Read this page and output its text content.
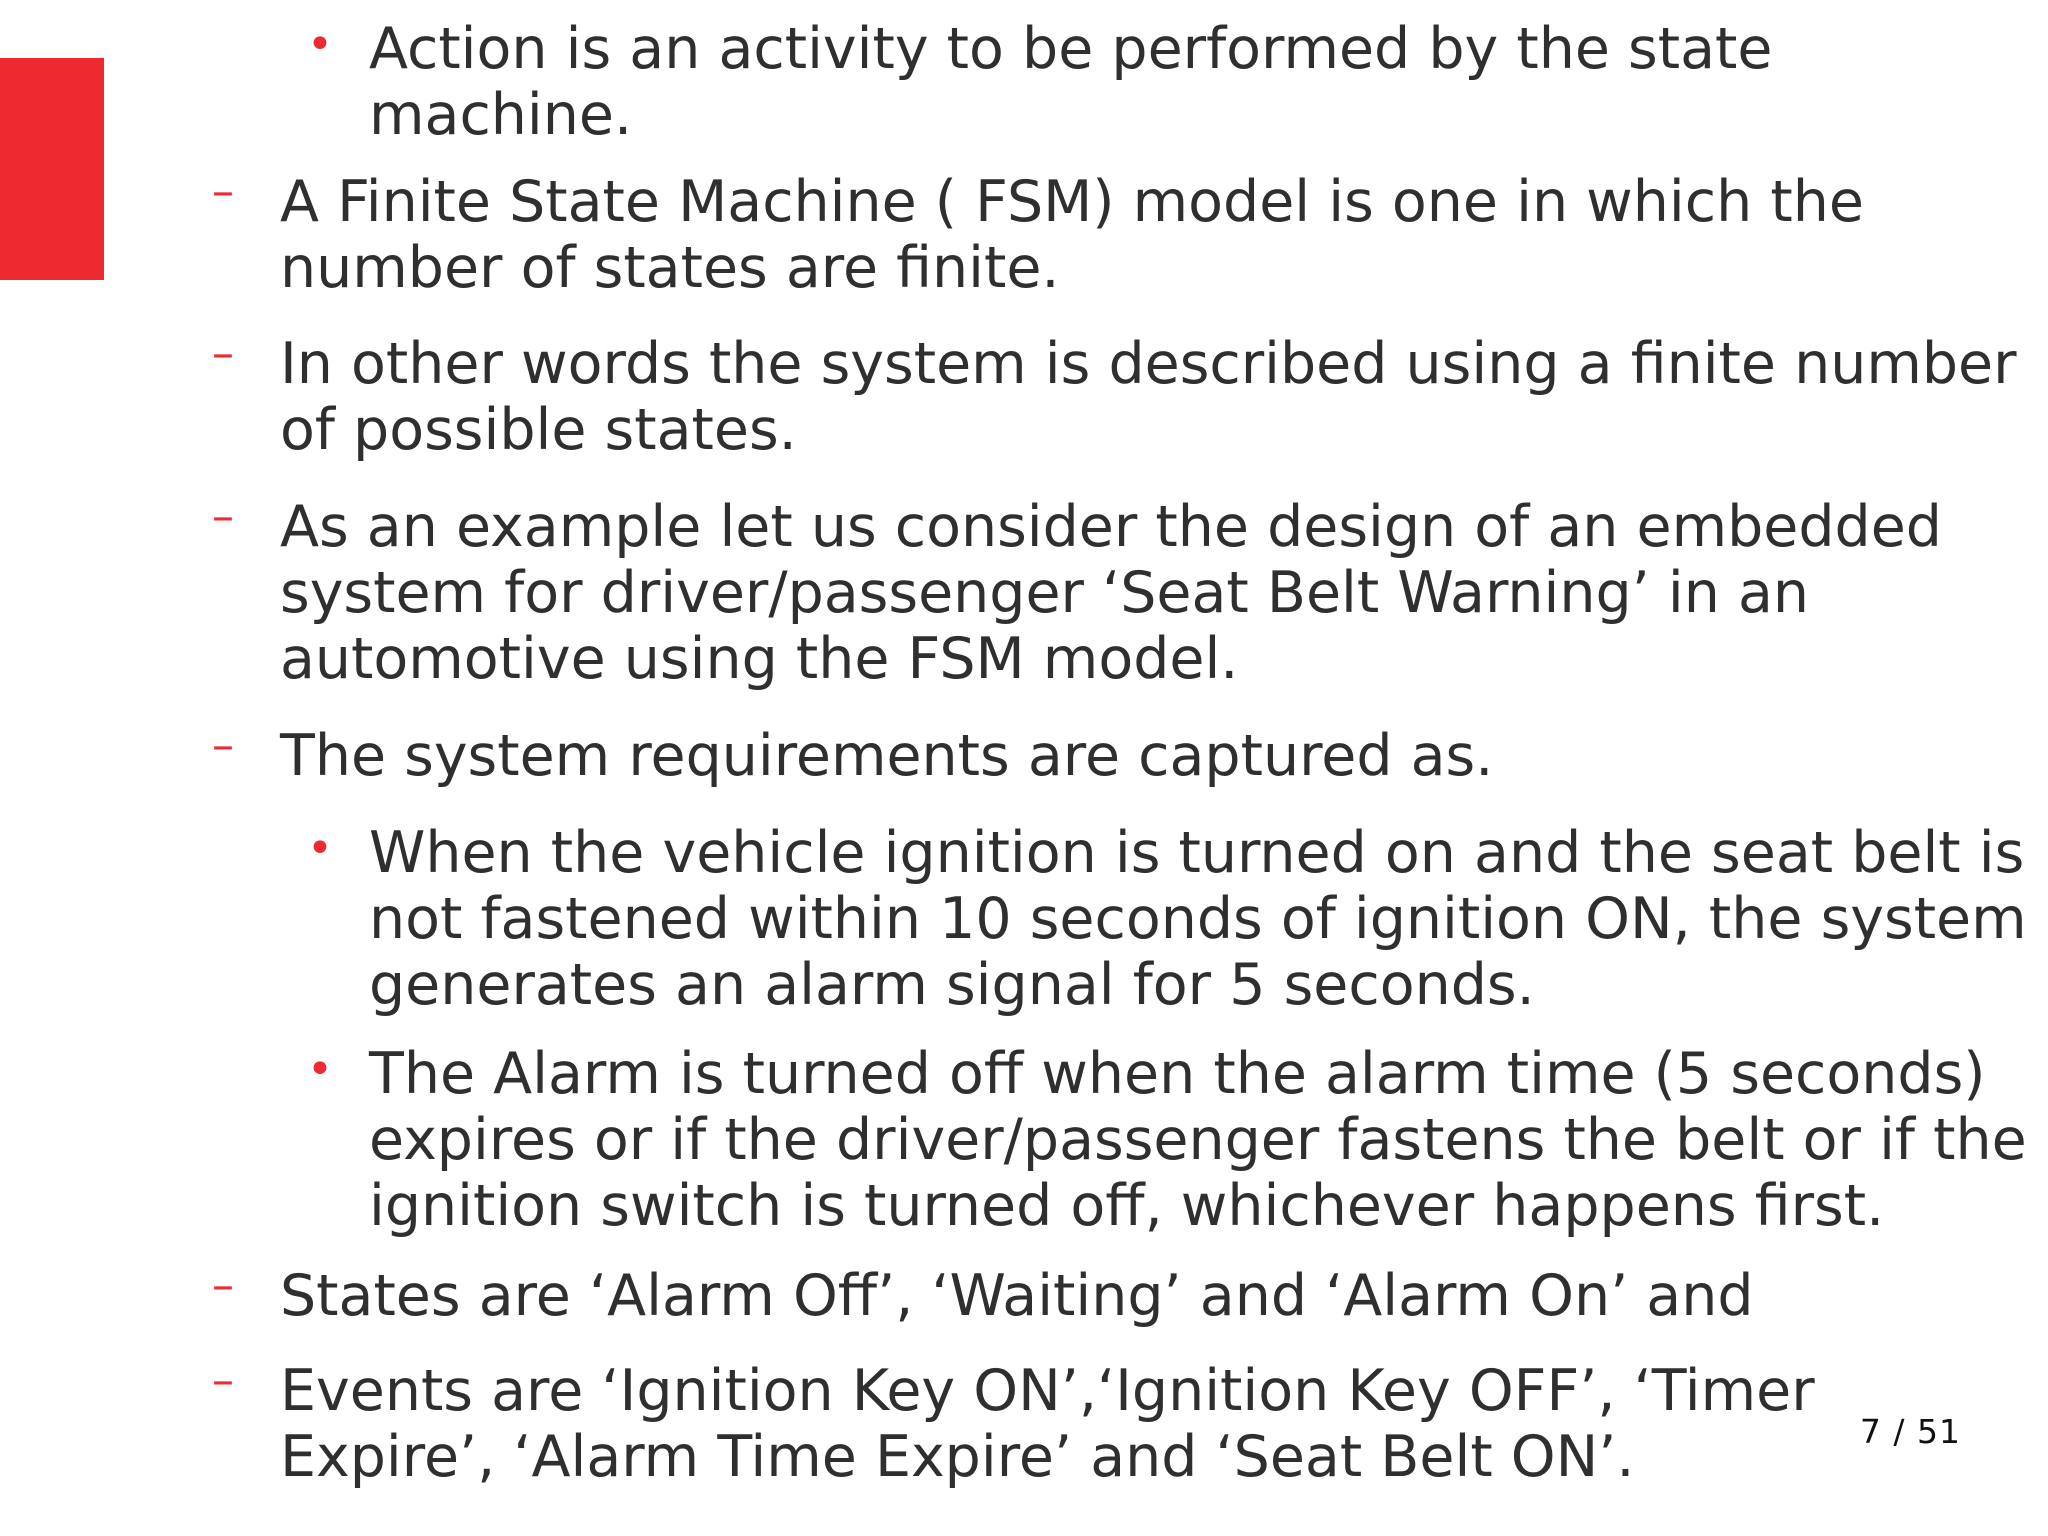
• Action is an activity to be performed by the state
machine.
– A Finite State Machine ( FSM) model is one in which the
number of states are finite.
– In other words the system is described using a finite number
of possible states.
– As an example let us consider the design of an embedded
system for driver/passenger ‘Seat Belt Warning’ in an
automotive using the FSM model.
– The system requirements are captured as.
• When the vehicle ignition is turned on and the seat belt is
not fastened within 10 seconds of ignition ON, the system
generates an alarm signal for 5 seconds.
• The Alarm is turned off when the alarm time (5 seconds)
expires or if the driver/passenger fastens the belt or if the
ignition switch is turned off, whichever happens first.
– States are ‘Alarm Off’, ‘Waiting’ and ‘Alarm On’ and
– Events are ‘Ignition Key ON’,‘Ignition Key OFF’, ‘Timer
Expire’, ‘Alarm Time Expire’ and ‘Seat Belt ON’.	7 / 51
